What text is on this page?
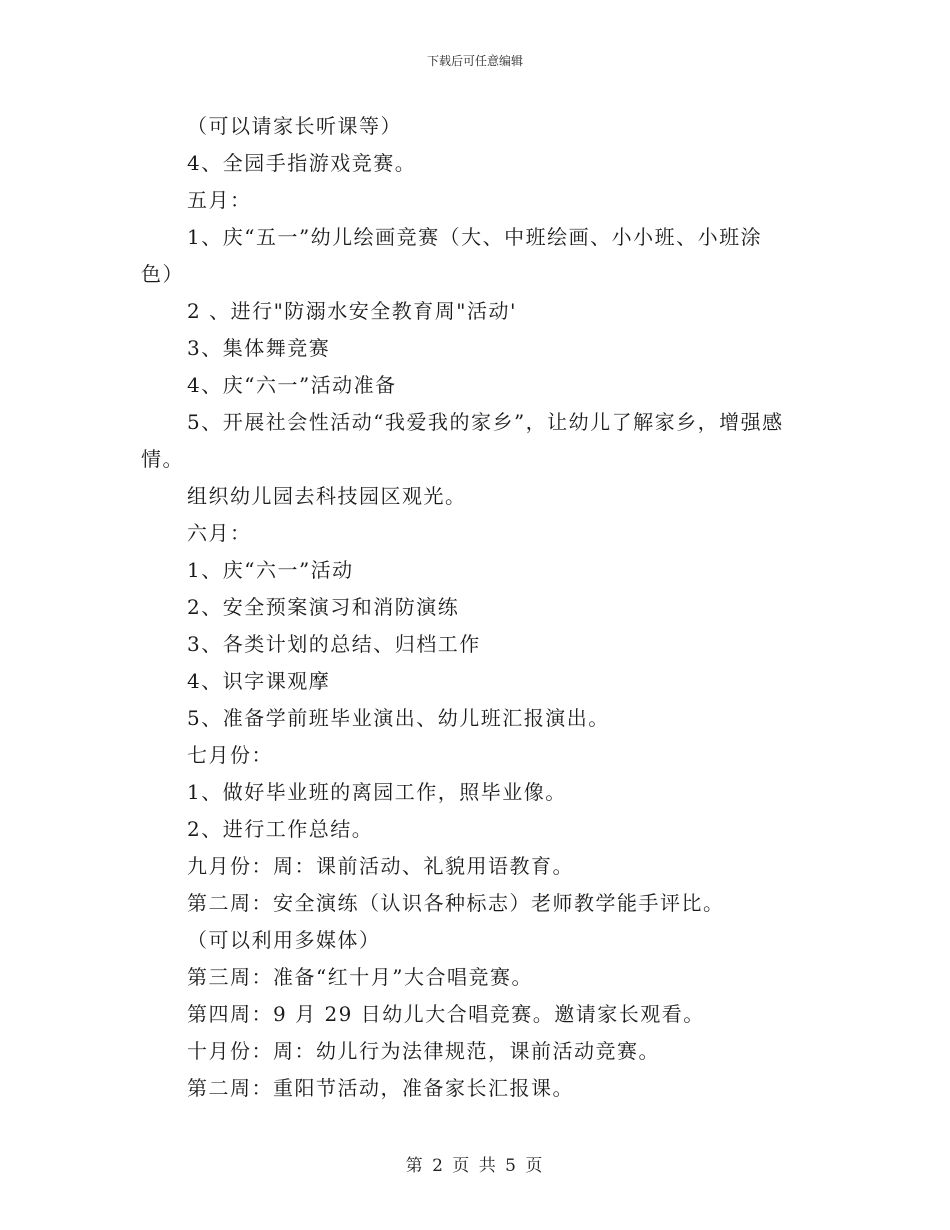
下载后可任意编辑
（可以请家长听课等）
4、全园手指游戏竞赛。
五月：
1、庆“五一”幼儿绘画竞赛（大、中班绘画、小小班、小班涂
色）
2 、进行"防溺水安全教育周"活动'
3、集体舞竞赛
4、庆“六一”活动准备
5、开展社会性活动“我爱我的家乡”，让幼儿了解家乡，增强感
情。
组织幼儿园去科技园区观光。
六月：
1、庆“六一”活动
2、安全预案演习和消防演练
3、各类计划的总结、归档工作
4、识字课观摩
5、准备学前班毕业演出、幼儿班汇报演出。
七月份：
1、做好毕业班的离园工作，照毕业像。
2、进行工作总结。
九月份：周：课前活动、礼貌用语教育。
第二周：安全演练（认识各种标志）老师教学能手评比。
（可以利用多媒体）
第三周：准备“红十月”大合唱竞赛。
第四周：9 月 29 日幼儿大合唱竞赛。邀请家长观看。
十月份：周：幼儿行为法律规范，课前活动竞赛。
第二周：重阳节活动，准备家长汇报课。
第 2 页 共 5 页
